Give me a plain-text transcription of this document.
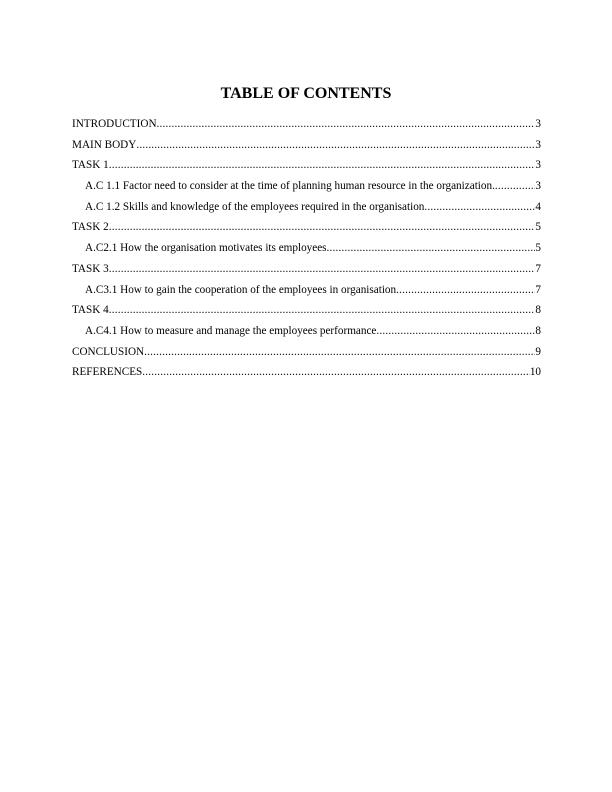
TABLE OF CONTENTS
INTRODUCTION .....	3
MAIN BODY .....	3
TASK 1 .....	3
A.C 1.1 Factor need to consider at the time of planning human resource in the organization. .....	3
A.C 1.2 Skills and knowledge of the employees required in the organisation .....	4
TASK 2 .....	5
A.C2.1 How the organisation motivates its employees .....	5
TASK 3 .....	7
A.C3.1 How to gain the cooperation of the employees in organisation .....	7
TASK 4 .....	8
A.C4.1 How to measure and manage the employees performance .....	8
CONCLUSION .....	9
REFERENCES .....	10
